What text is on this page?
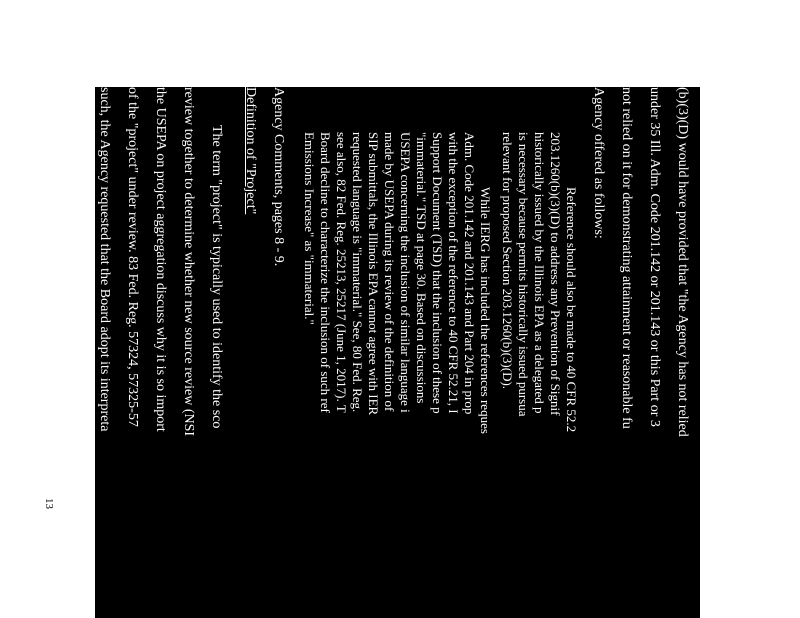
13
(b)(3)(D) would have provided that "the Agency has not relied
under 35 Ill. Adm. Code 201.142 or 201.143 or this Part or 3
not relied on it for demonstrating attainment or reasonable fu
Agency offered as follows:
Reference should also be made to 40 CFR 52.2
203.1260(b)(3)(D) to address any Prevention of Signif
historically issued by the Illinois EPA as a delegated p
is necessary because permits historically issued pursua
relevant for proposed Section 203.1260(b)(3)(D).
While IERG has included the references reques
Adm. Code 201.142 and 201.143 and Part 204 in prop
with the exception of the reference to 40 CFR 52.21, I
Support Document (TSD) that the inclusion of these p
"immaterial." TSD at page 30. Based on discussions
USEPA concerning the inclusion of similar language i
made by USEPA during its review of the definition of
SIP submittals, the Illinois EPA cannot agree with IER
requested language is "immaterial." See, 80 Fed. Reg.
see also, 82 Fed. Reg. 25213, 25217 (June 1, 2017). T
Board decline to characterize the inclusion of such ref
Emissions Increase" as "immaterial."
Agency Comments, pages 8 - 9.
Definition of "Project"
The term "project" is typically used to identify the sco
review together to determine whether new source review (NSI
the USEPA on project aggregation discuss why it is so import
of the "project" under review. 83 Fed. Reg. 57324, 57325-57
such, the Agency requested that the Board adopt its interpreta
provided by proposed Section 203.1310.
4.
Regarding the definition of "project" under Sectio
any revisions to the proposed rules are necessary to
address "debottlenecking" and "project netting." If
